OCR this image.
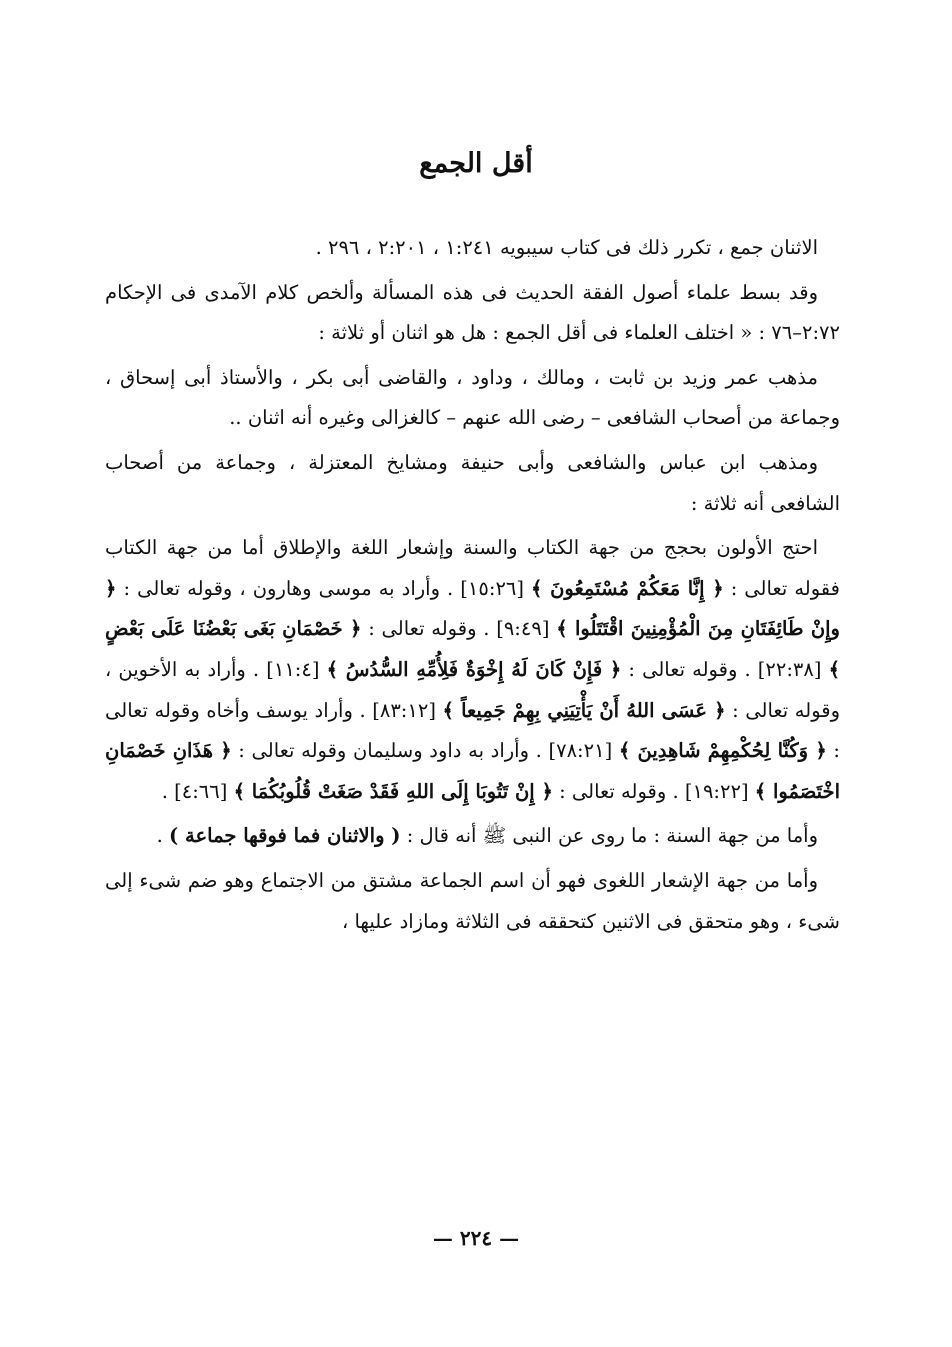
أقل الجمع

الاثنان جمع ، تكرر ذلك فى كتاب سيبويه ١:٢٤١ ، ٢:٢٠١ ، ٢٩٦ .

وقد بسط علماء أصول الفقة الحديث فى هذه المسألة وألخص كلام الآمدى فى الإحكام ٢:٧٢–٧٦ : « اختلف العلماء فى أقل الجمع : هل هو اثنان أو ثلاثة :

مذهب عمر وزيد بن ثابت ، ومالك ، وداود ، والقاضى أبى بكر ، والأستاذ أبى إسحاق ، وجماعة من أصحاب الشافعى – رضى الله عنهم – كالغزالى وغيره أنه اثنان ..

ومذهب ابن عباس والشافعى وأبى حنيفة ومشايخ المعتزلة ، وجماعة من أصحاب الشافعى أنه ثلاثة :

احتج الأولون بحجج من جهة الكتاب والسنة وإشعار اللغة والإطلاق أما من جهة الكتاب فقوله تعالى : ﴿ إِنَّا مَعَكُمْ مُسْتَمِعُونَ ﴾ [١٥:٢٦] . وأراد به موسى وهارون ، وقوله تعالى : ﴿ وإِنْ طَائِفَتَانِ مِنَ الْمُؤْمِنِينَ اقْتَتَلُوا ﴾ [٩:٤٩] . وقوله تعالى : ﴿ خَصْمَانِ بَغَى بَعْضُنَا عَلَى بَعْضٍ ﴾ [٢٢:٣٨] . وقوله تعالى : ﴿ فَإِنْ كَانَ لَهُ إِخْوَةٌ فَلِأُمِّهِ السُّدُسُ ﴾ [١١:٤] . وأراد به الأخوين ، وقوله تعالى : ﴿ عَسَى اللهُ أَنْ يَأْتِيَنِي بِهِمْ جَمِيعاً ﴾ [٨٣:١٢] . وأراد يوسف وأخاه وقوله تعالى : ﴿ وَكُنَّا لِحُكْمِهِمْ شَاهِدِينَ ﴾ [٧٨:٢١] . وأراد به داود وسليمان وقوله تعالى : ﴿ هَذَانِ خَصْمَانِ اخْتَصَمُوا ﴾ [١٩:٢٢] . وقوله تعالى : ﴿ إِنْ تَتُوبَا إِلَى اللهِ فَقَدْ صَغَتْ قُلُوبُكُمَا ﴾ [٤:٦٦] .

وأما من جهة السنة : ما روى عن النبى ﷺ أنه قال : ( والاثنان فما فوقها جماعة ) .

وأما من جهة الإشعار اللغوى فهو أن اسم الجماعة مشتق من الاجتماع وهو ضم شىء إلى شىء ، وهو متحقق فى الاثنين كتحققه فى الثلاثة ومازاد عليها ،

— ٢٢٤ —
